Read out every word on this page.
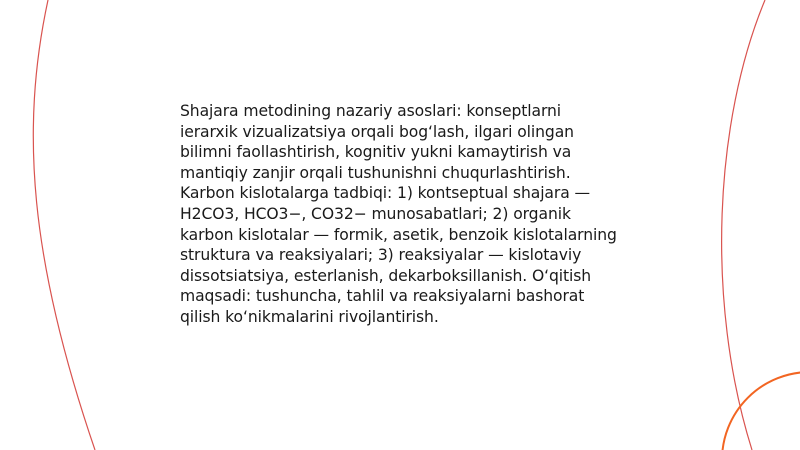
Shajara metodining nazariy asoslari: konseptlarni ierarxik vizualizatsiya orqali bog‘lash, ilgari olingan bilimni faollashtirish, kognitiv yukni kamaytirish va mantiqiy zanjir orqali tushunishni chuqurlashtirish. Karbon kislotalarga tadbiqi: 1) kontseptual shajara — H2CO3, HCO3−, CO32− munosabatlari; 2) organik karbon kislotalar — formik, asetik, benzoik kislotalarning struktura va reaksiyalari; 3) reaksiyalar — kislotaviy dissotsiatsiya, esterlanish, dekarboksillanish. O‘qitish maqsadi: tushuncha, tahlil va reaksiyalarni bashorat qilish ko‘nikmalarini rivojlantirish.
